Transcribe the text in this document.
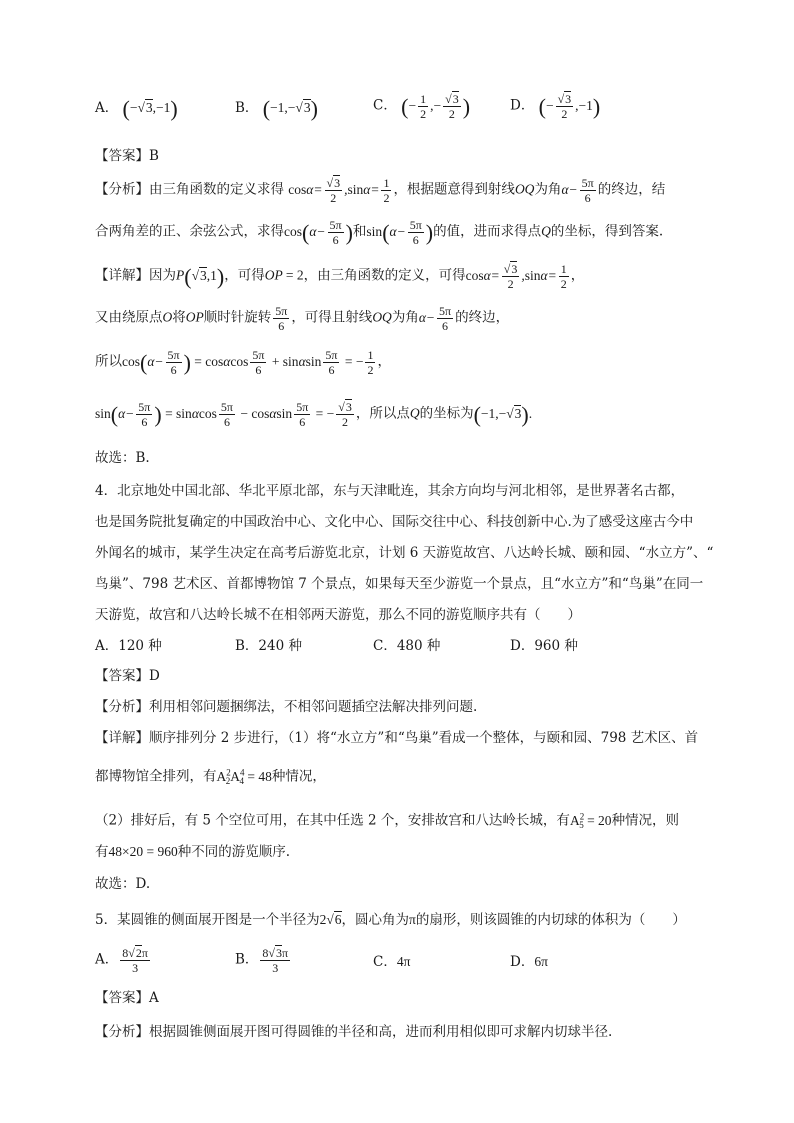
A． (−√3,−1)	B． (−1,−√3)	C． (− $\frac{1}{2}$ ,− $\frac{√3}{2}$ )	D． (− $\frac{√3}{2} ,-1$)
【答案】B
【分析】由三角函数的定义求得 $\cos\alpha= \frac{√3}{2} ,\sin\alpha= \frac{1}{2}$ ，根据题意得到射线OQ为角$\alpha- \frac{5\pi}{6}$ 的终边，结
合两角差的正、余弦公式，求得$\cos(\alpha- \frac{5\pi}{6}$ )和$\sin(\alpha- \frac{5\pi}{6}$ )的值，进而求得点Q的坐标，得到答案.
【详解】因为P(√3,1)，可得OP = 2，由三角函数的定义，可得$\cos\alpha= \frac{√3}{2} ,\sin\alpha= \frac{1}{2}$ ，
又由绕原点O将OP顺时针旋转 $\frac{5\pi}{6}$ ，可得且射线OQ为角$\alpha- \frac{5\pi}{6}$ 的终边，
所以$\cos(\alpha- \frac{5\pi}{6}$ ) = cosαcos $\frac{5\pi}{6} + \sin\alpha\sin \frac{5\pi}{6}$ = − $\frac{1}{2}$ ，
$\sin(\alpha- \frac{5\pi}{6}$ ) = sinαcos $\frac{5\pi}{6} - \cos\alpha\sin \frac{5\pi}{6}$ = − $\frac{√3}{2}$ ，所以点Q的坐标为(−1,−√3).
故选：B.
4．北京地处中国北部、华北平原北部，东与天津毗连，其余方向均与河北相邻，是世界著名古都，
也是国务院批复确定的中国政治中心、文化中心、国际交往中心、科技创新中心.为了感受这座古今中
外闻名的城市，某学生决定在高考后游览北京，计划 6 天游览故宫、八达岭长城、颐和园、“水立方”、“
鸟巢”、798 艺术区、首都博物馆 7 个景点，如果每天至少游览一个景点，且“水立方”和“鸟巢”在同一
天游览，故宫和八达岭长城不在相邻两天游览，那么不同的游览顺序共有（　　）
A．120 种	B．240 种	C．480 种	D．960 种
【答案】D
【分析】利用相邻问题捆绑法，不相邻问题插空法解决排列问题.
【详解】顺序排列分 2 步进行，（1）将“水立方”和“鸟巢”看成一个整体，与颐和园、798 艺术区、首
都博物馆全排列，有$A^2_2A^4_4 = 48$种情况，
（2）排好后，有 5 个空位可用，在其中任选 2 个，安排故宫和八达岭长城，有$A^2_5 = 20$种情况，则
有48×20 = 960种不同的游览顺序.
故选：D.
5．某圆锥的侧面展开图是一个半径为2√6，圆心角为π的扇形，则该圆锥的内切球的体积为（　　）
A． $\frac{8√2\pi}{3}$	B． $\frac{8√3\pi}{3}$	C．4π	D．6π
【答案】A
【分析】根据圆锥侧面展开图可得圆锥的半径和高，进而利用相似即可求解内切球半径.
